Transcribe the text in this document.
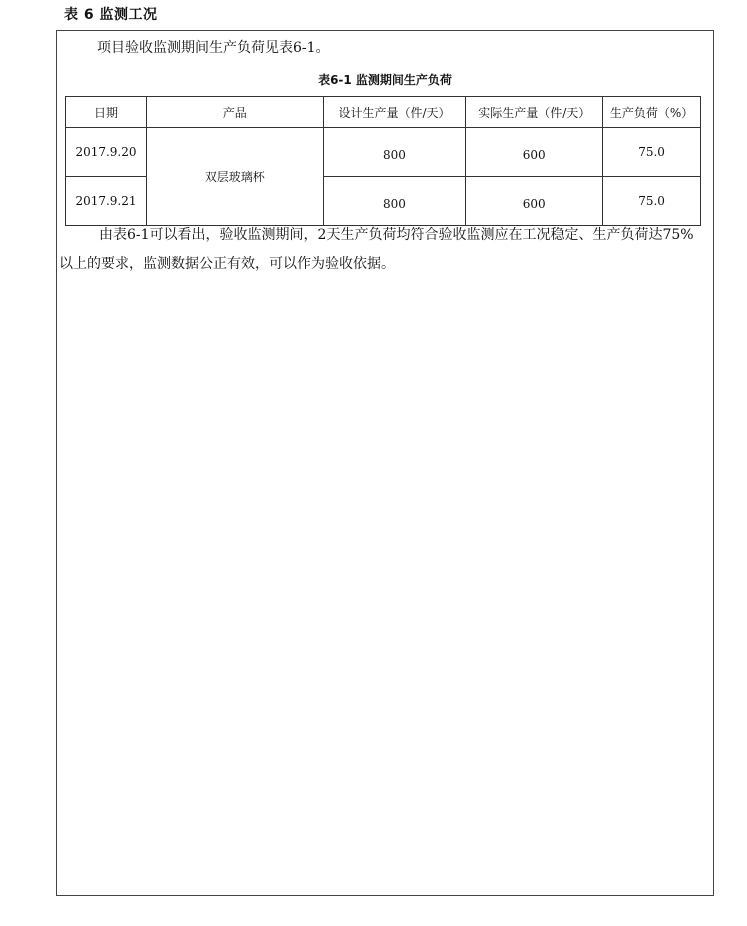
表 6 监测工况
项目验收监测期间生产负荷见表6-1。
表6-1 监测期间生产负荷
日期	产品	设计生产量（件/天）	实际生产量（件/天）	生产负荷（%）
2017.9.20	双层玻璃杯	800	600	75.0
2017.9.21		800	600	75.0
由表6-1可以看出，验收监测期间，2天生产负荷均符合验收监测应在工况稳定、生产负荷达75%以上的要求，监测数据公正有效，可以作为验收依据。
